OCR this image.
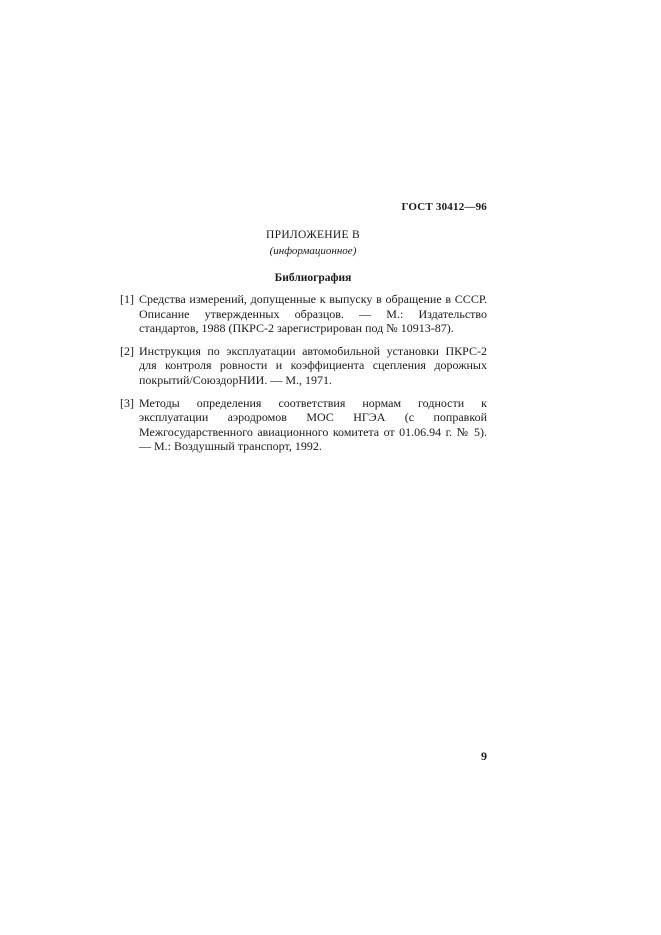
ГОСТ 30412—96
ПРИЛОЖЕНИЕ В
(информационное)
Библиография
[1] Средства измерений, допущенные к выпуску в обращение в СССР. Описание утвержденных образцов. — М.: Издательство стандартов, 1988 (ПКРС-2 зарегистрирован под № 10913-87).
[2] Инструкция по эксплуатации автомобильной установки ПКРС-2 для контроля ровности и коэффициента сцепления дорожных покрытий/СоюздорНИИ. — М., 1971.
[3] Методы определения соответствия нормам годности к эксплуатации аэродромов МОС НГЭА (с поправкой Межгосударственного авиационного комитета от 01.06.94 г. № 5). — М.: Воздушный транспорт, 1992.
9
